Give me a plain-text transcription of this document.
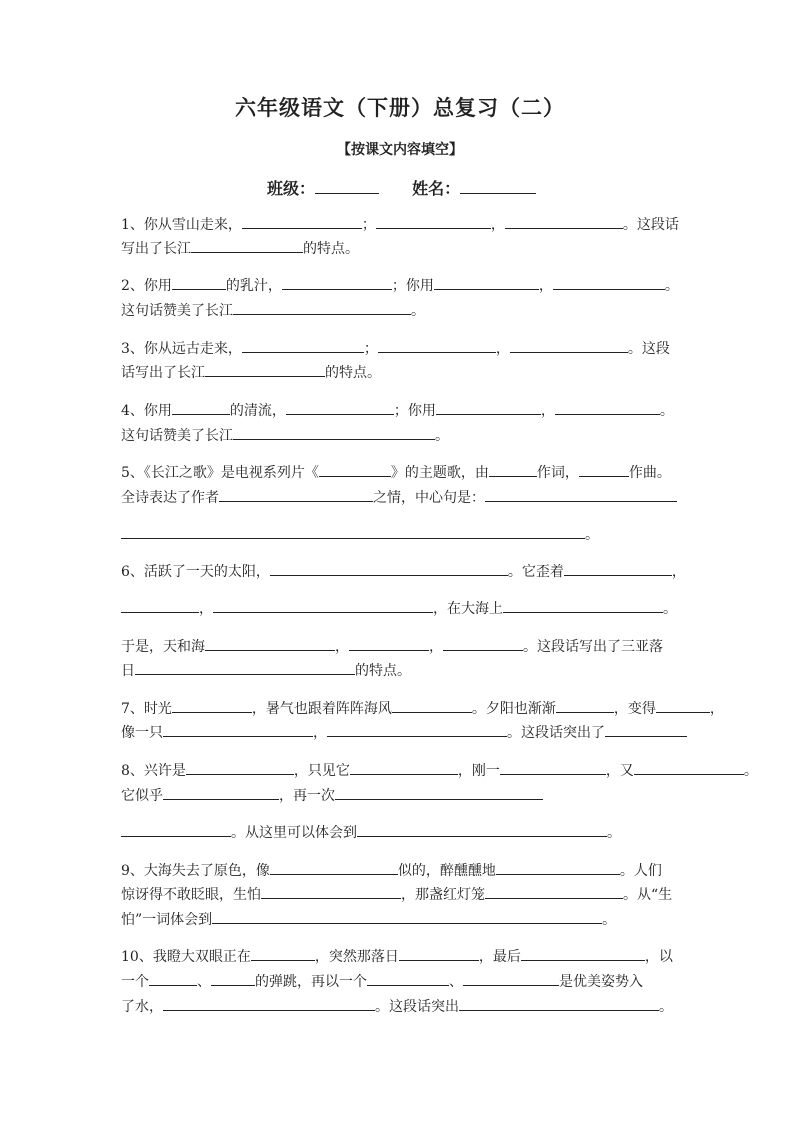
六年级语文（下册）总复习（二）
【按课文内容填空】
班级：	姓名：
1、你从雪山走来，	；	，	。这段话
写出了长江	的特点。
2、你用	的乳汁，	；你用	，	。
这句话赞美了长江	。
3、你从远古走来，	；	，	。这段
话写出了长江	的特点。
4、你用	的清流，	；你用	，	。
这句话赞美了长江	。
5、《长江之歌》是电视系列片《	》的主题歌，由	作词，	作曲。
全诗表达了作者	之情，中心句是：
。
6、活跃了一天的太阳，	。它歪着	，
，	，在大海上	。
于是，天和海	，	，	。这段话写出了三亚落
日	的特点。
7、时光	，暑气也跟着阵阵海风	。夕阳也渐渐	，变得	，
像一只	，	。这段话突出了
8、兴许是	，只见它	，刚一	，又	。
它似乎	，再一次
。从这里可以体会到	。
9、大海失去了原色，像	似的，醉醺醺地	。人们
惊讶得不敢眨眼，生怕	，那盏红灯笼	。从“生
怕”一词体会到	。
10、我瞪大双眼正在	，突然那落日	，最后	，以
一个	、	的弹跳，再以一个	、	是优美姿势入
了水，	。这段话突出	。
